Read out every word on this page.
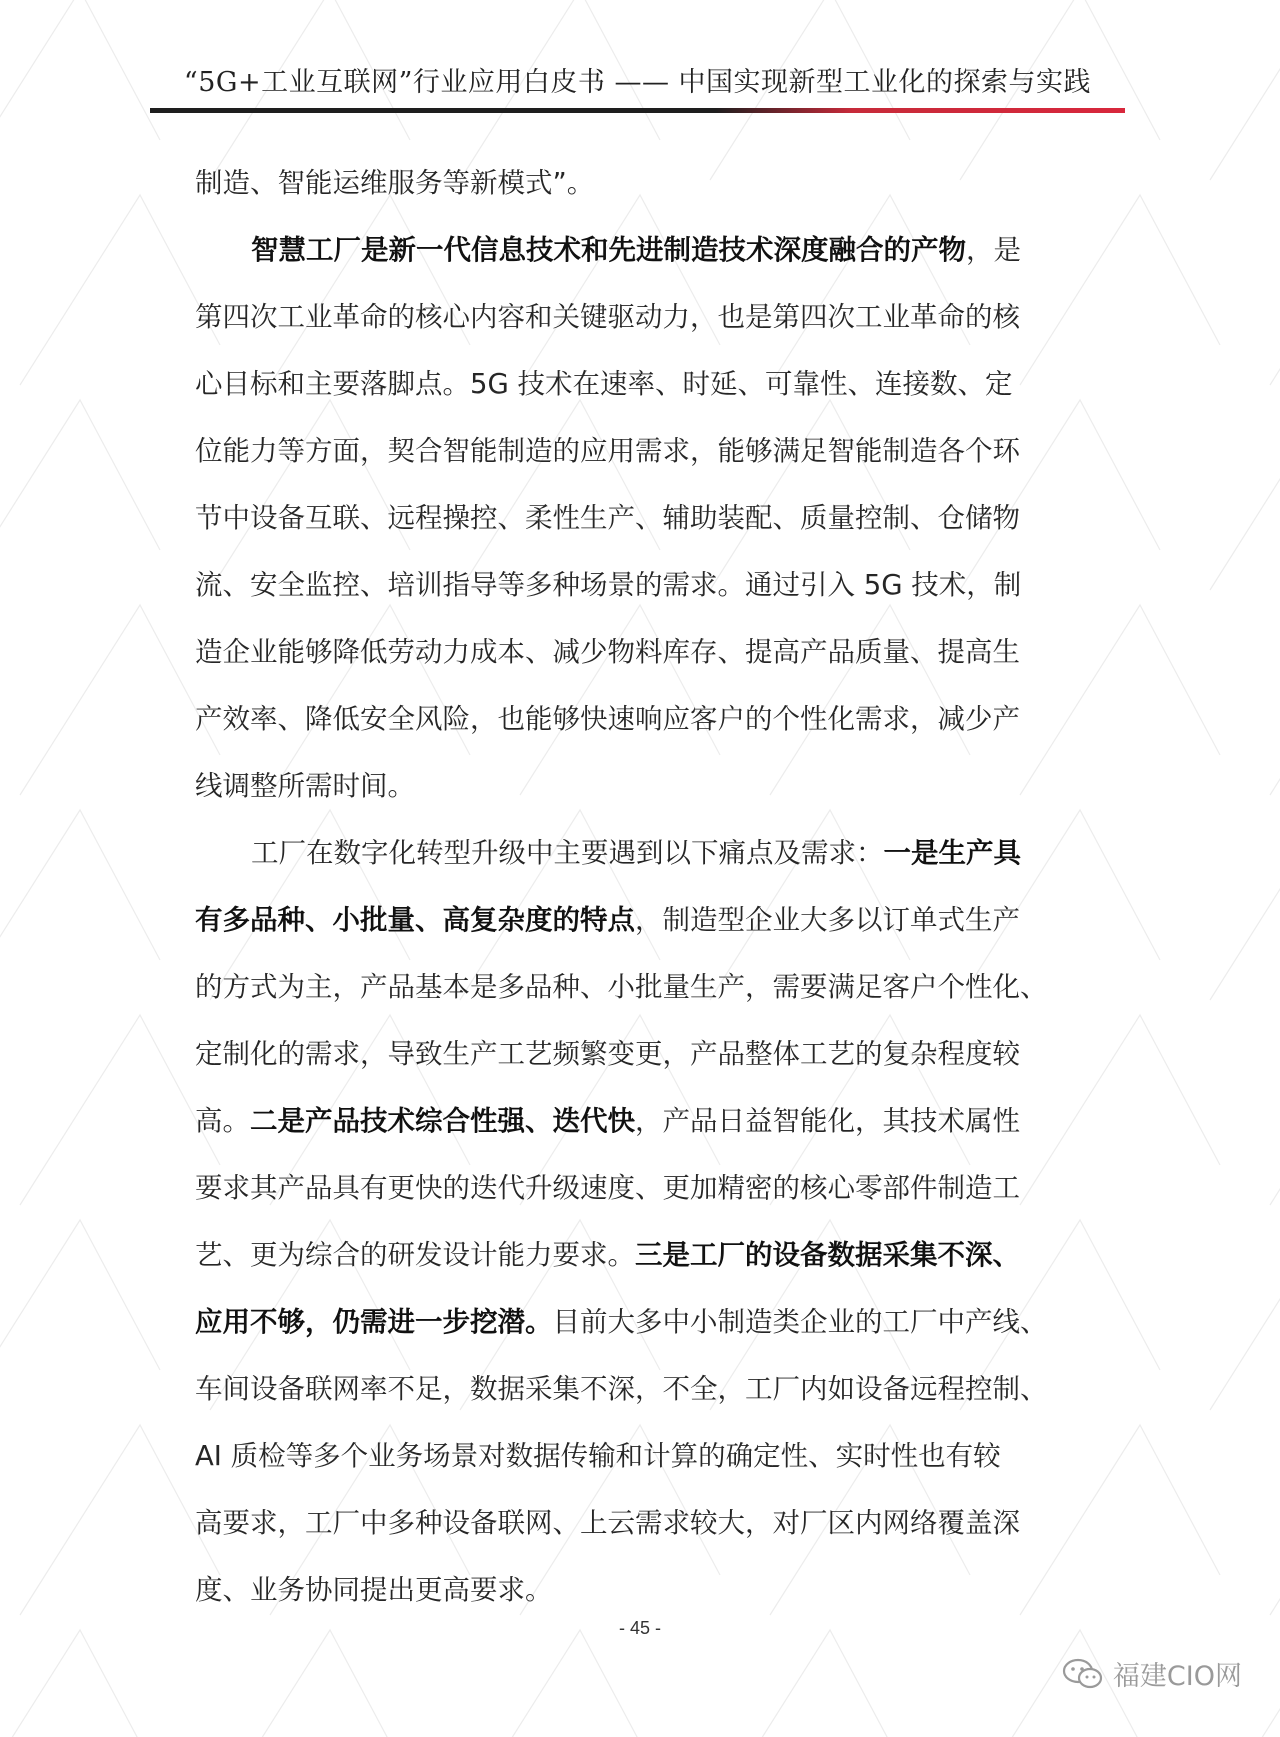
“5G+工业互联网”行业应用白皮书 —— 中国实现新型工业化的探索与实践
制造、智能运维服务等新模式”。
智慧工厂是新一代信息技术和先进制造技术深度融合的产物 ，是
第四次工业革命的核心内容和关键驱动力，也是第四次工业革命的核
心目标和主要落脚点。5G 技术在速率、时延、可靠性、连接数、定
位能力等方面，契合智能制造的应用需求，能够满足智能制造各个环
节中设备互联、远程操控、柔性生产、辅助装配、质量控制、仓储物
流、安全监控、培训指导等多种场景的需求。通过引入 5G 技术，制
造企业能够降低劳动力成本、减少物料库存、提高产品质量、提高生
产效率、降低安全风险，也能够快速响应客户的个性化需求，减少产
线调整所需时间。
工厂在数字化转型升级中主要遇到以下痛点及需求： 一是生产具
有多品种、小批量、高复杂度的特点 ，制造型企业大多以订单式生产
的方式为主，产品基本是多品种、小批量生产，需要满足客户个性化、
定制化的需求，导致生产工艺频繁变更，产品整体工艺的复杂程度较
高。 二是产品技术综合性强、迭代快 ，产品日益智能化，其技术属性
要求其产品具有更快的迭代升级速度、更加精密的核心零部件制造工
艺、更为综合的研发设计能力要求。 三是工厂的设备数据采集不深、
应用不够，仍需进一步挖潜。 目前大多中小制造类企业的工厂中产线、
车间设备联网率不足，数据采集不深，不全，工厂内如设备远程控制、
AI 质检等多个业务场景对数据传输和计算的确定性、实时性也有较
高要求，工厂中多种设备联网、上云需求较大，对厂区内网络覆盖深
度、业务协同提出更高要求。
- 45 -
福建CIO网
